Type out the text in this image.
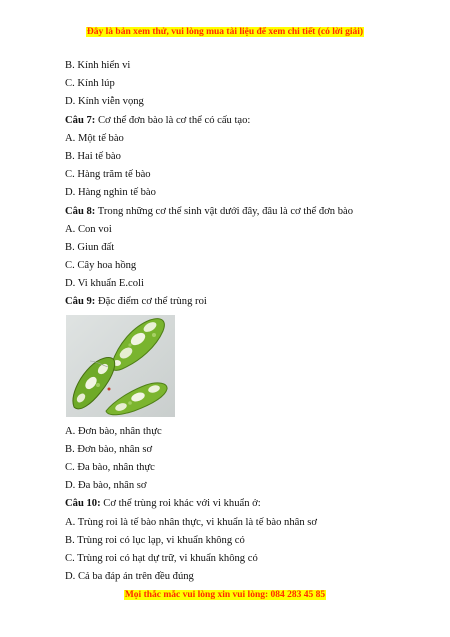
Đây là bản xem thử, vui lòng mua tài liệu để xem chi tiết (có lời giải)
B. Kính hiển vi
C. Kính lúp
D. Kính viễn vọng
Câu 7: Cơ thể đơn bào là cơ thể có cấu tạo:
A. Một tế bào
B. Hai tế bào
C. Hàng trăm tế bào
D. Hàng nghìn tế bào
Câu 8: Trong những cơ thể sinh vật dưới đây, đâu là cơ thể đơn bào
A. Con voi
B. Giun đất
C. Cây hoa hồng
D. Vi khuẩn E.coli
Câu 9: Đặc điểm cơ thể trùng roi
A. Đơn bào, nhân thực
B. Đơn bào, nhân sơ
C. Đa bào, nhân thực
D. Đa bào, nhân sơ
Câu 10: Cơ thể trùng roi khác với vi khuẩn ở:
A. Trùng roi là tế bào nhân thực, vi khuẩn là tế bào nhân sơ
B. Trùng roi có lục lạp, vi khuẩn không có
C. Trùng roi có hạt dự trữ, vi khuẩn không có
D. Cả ba đáp án trên đều đúng
Mọi thắc mắc vui lòng xin vui lòng: 084 283 45 85
